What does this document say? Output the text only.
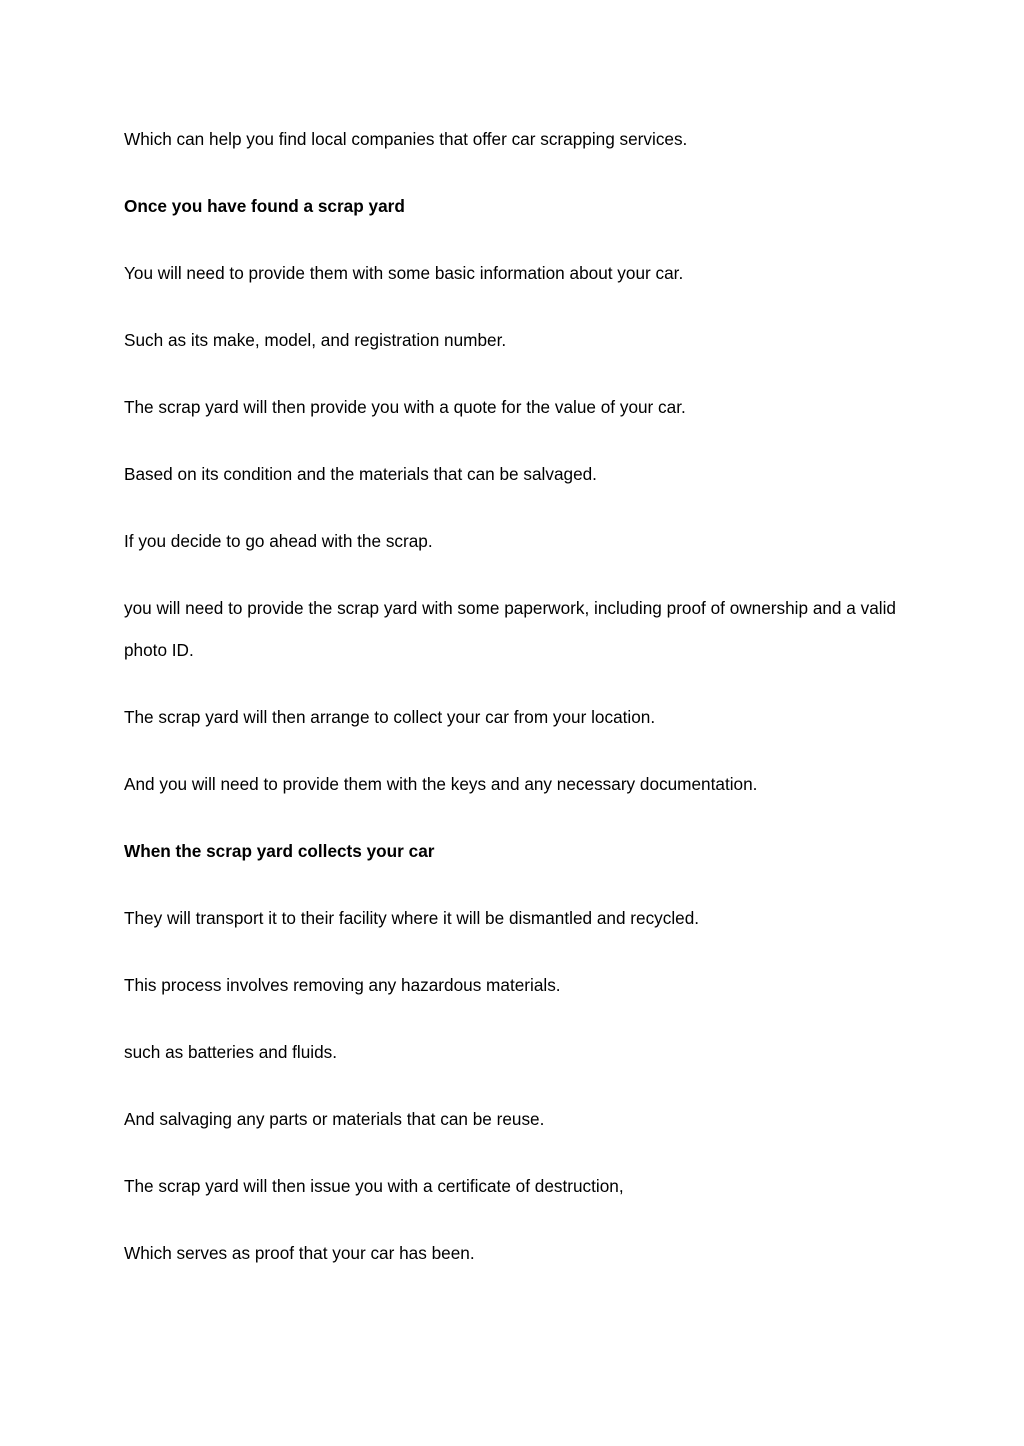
Which can help you find local companies that offer car scrapping services.

Once you have found a scrap yard

You will need to provide them with some basic information about your car.

Such as its make, model, and registration number.

The scrap yard will then provide you with a quote for the value of your car.

Based on its condition and the materials that can be salvaged.

If you decide to go ahead with the scrap.

you will need to provide the scrap yard with some paperwork, including proof of ownership and a valid photo ID.

The scrap yard will then arrange to collect your car from your location.

And you will need to provide them with the keys and any necessary documentation.

When the scrap yard collects your car

They will transport it to their facility where it will be dismantled and recycled.

This process involves removing any hazardous materials.

such as batteries and fluids.

And salvaging any parts or materials that can be reuse.

The scrap yard will then issue you with a certificate of destruction,

Which serves as proof that your car has been.
